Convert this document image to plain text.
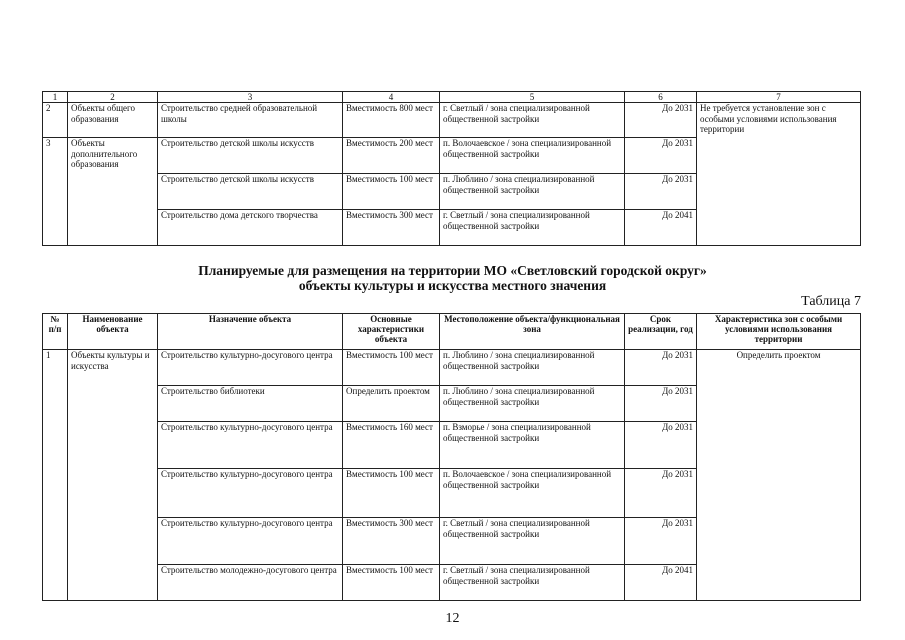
1	2	3	4	5	6	7
2	Объекты общего образования	Строительство средней образовательной школы	Вместимость 800 мест	г. Светлый / зона специализированной общественной застройки	До 2031	Не требуется установление зон с особыми условиями использования территории
3	Объекты дополнительного образования	Строительство детской школы искусств	Вместимость 200 мест	п. Волочаевское / зона специализированной общественной застройки	До 2031	
		Строительство детской школы искусств	Вместимость 100 мест	п. Люблино / зона специализированной общественной застройки	До 2031	
		Строительство дома детского творчества	Вместимость 300 мест	г. Светлый / зона специализированной общественной застройки	До 2041	
Планируемые для размещения на территории МО «Светловский городской округ»
объекты культуры и искусства местного значения
Таблица 7
№ п/п	Наименование объекта	Назначение объекта	Основные характеристики объекта	Местоположение объекта/функциональная зона	Срок реализации, год	Характеристика зон с особыми условиями использования территории
1	Объекты культуры и искусства	Строительство культурно-досугового центра	Вместимость 100 мест	п. Люблино / зона специализированной общественной застройки	До 2031	Определить проектом
		Строительство библиотеки	Определить проектом	п. Люблино / зона специализированной общественной застройки	До 2031	
		Строительство культурно-досугового центра	Вместимость 160 мест	п. Взморье / зона специализированной общественной застройки	До 2031	
		Строительство культурно-досугового центра	Вместимость 100 мест	п. Волочаевское / зона специализированной общественной застройки	До 2031	
		Строительство культурно-досугового центра	Вместимость 300 мест	г. Светлый / зона специализированной общественной застройки	До 2031	
		Строительство молодежно-досугового центра	Вместимость 100 мест	г. Светлый / зона специализированной общественной застройки	До 2041	
12
